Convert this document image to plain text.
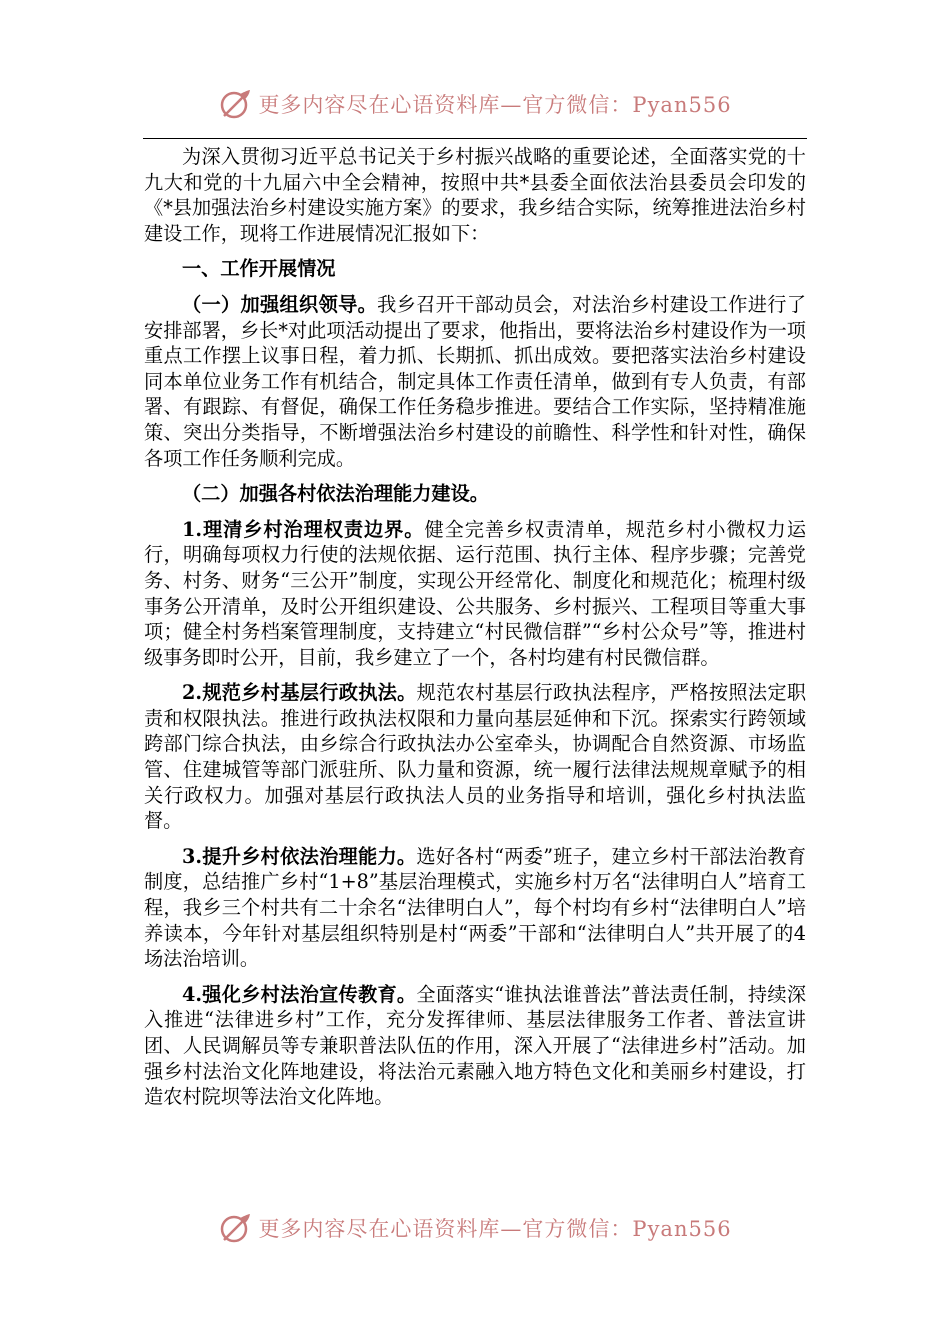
更多内容尽在心语资料库—官方微信：Pyan556

为深入贯彻习近平总书记关于乡村振兴战略的重要论述，全面落实党的十九大和党的十九届六中全会精神，按照中共*县委全面依法治县委员会印发的《*县加强法治乡村建设实施方案》的要求，我乡结合实际，统筹推进法治乡村建设工作，现将工作进展情况汇报如下：

一、工作开展情况

（一）加强组织领导。我乡召开干部动员会，对法治乡村建设工作进行了安排部署，乡长*对此项活动提出了要求，他指出，要将法治乡村建设作为一项重点工作摆上议事日程，着力抓、长期抓、抓出成效。要把落实法治乡村建设同本单位业务工作有机结合，制定具体工作责任清单，做到有专人负责，有部署、有跟踪、有督促，确保工作任务稳步推进。要结合工作实际，坚持精准施策、突出分类指导，不断增强法治乡村建设的前瞻性、科学性和针对性，确保各项工作任务顺利完成。

（二）加强各村依法治理能力建设。

1.理清乡村治理权责边界。健全完善乡权责清单，规范乡村小微权力运行，明确每项权力行使的法规依据、运行范围、执行主体、程序步骤；完善党务、村务、财务“三公开”制度，实现公开经常化、制度化和规范化；梳理村级事务公开清单，及时公开组织建设、公共服务、乡村振兴、工程项目等重大事项；健全村务档案管理制度，支持建立“村民微信群”“乡村公众号”等，推进村级事务即时公开，目前，我乡建立了一个，各村均建有村民微信群。

2.规范乡村基层行政执法。规范农村基层行政执法程序，严格按照法定职责和权限执法。推进行政执法权限和力量向基层延伸和下沉。探索实行跨领域跨部门综合执法，由乡综合行政执法办公室牵头，协调配合自然资源、市场监管、住建城管等部门派驻所、队力量和资源，统一履行法律法规规章赋予的相关行政权力。加强对基层行政执法人员的业务指导和培训，强化乡村执法监督。

3.提升乡村依法治理能力。选好各村“两委”班子，建立乡村干部法治教育制度，总结推广乡村“1+8”基层治理模式，实施乡村万名“法律明白人”培育工程，我乡三个村共有二十余名“法律明白人”，每个村均有乡村“法律明白人”培养读本，今年针对基层组织特别是村“两委”干部和“法律明白人”共开展了的4场法治培训。

4.强化乡村法治宣传教育。全面落实“谁执法谁普法”普法责任制，持续深入推进“法律进乡村”工作，充分发挥律师、基层法律服务工作者、普法宣讲团、人民调解员等专兼职普法队伍的作用，深入开展了“法律进乡村”活动。加强乡村法治文化阵地建设，将法治元素融入地方特色文化和美丽乡村建设，打造农村院坝等法治文化阵地。

更多内容尽在心语资料库—官方微信：Pyan556
